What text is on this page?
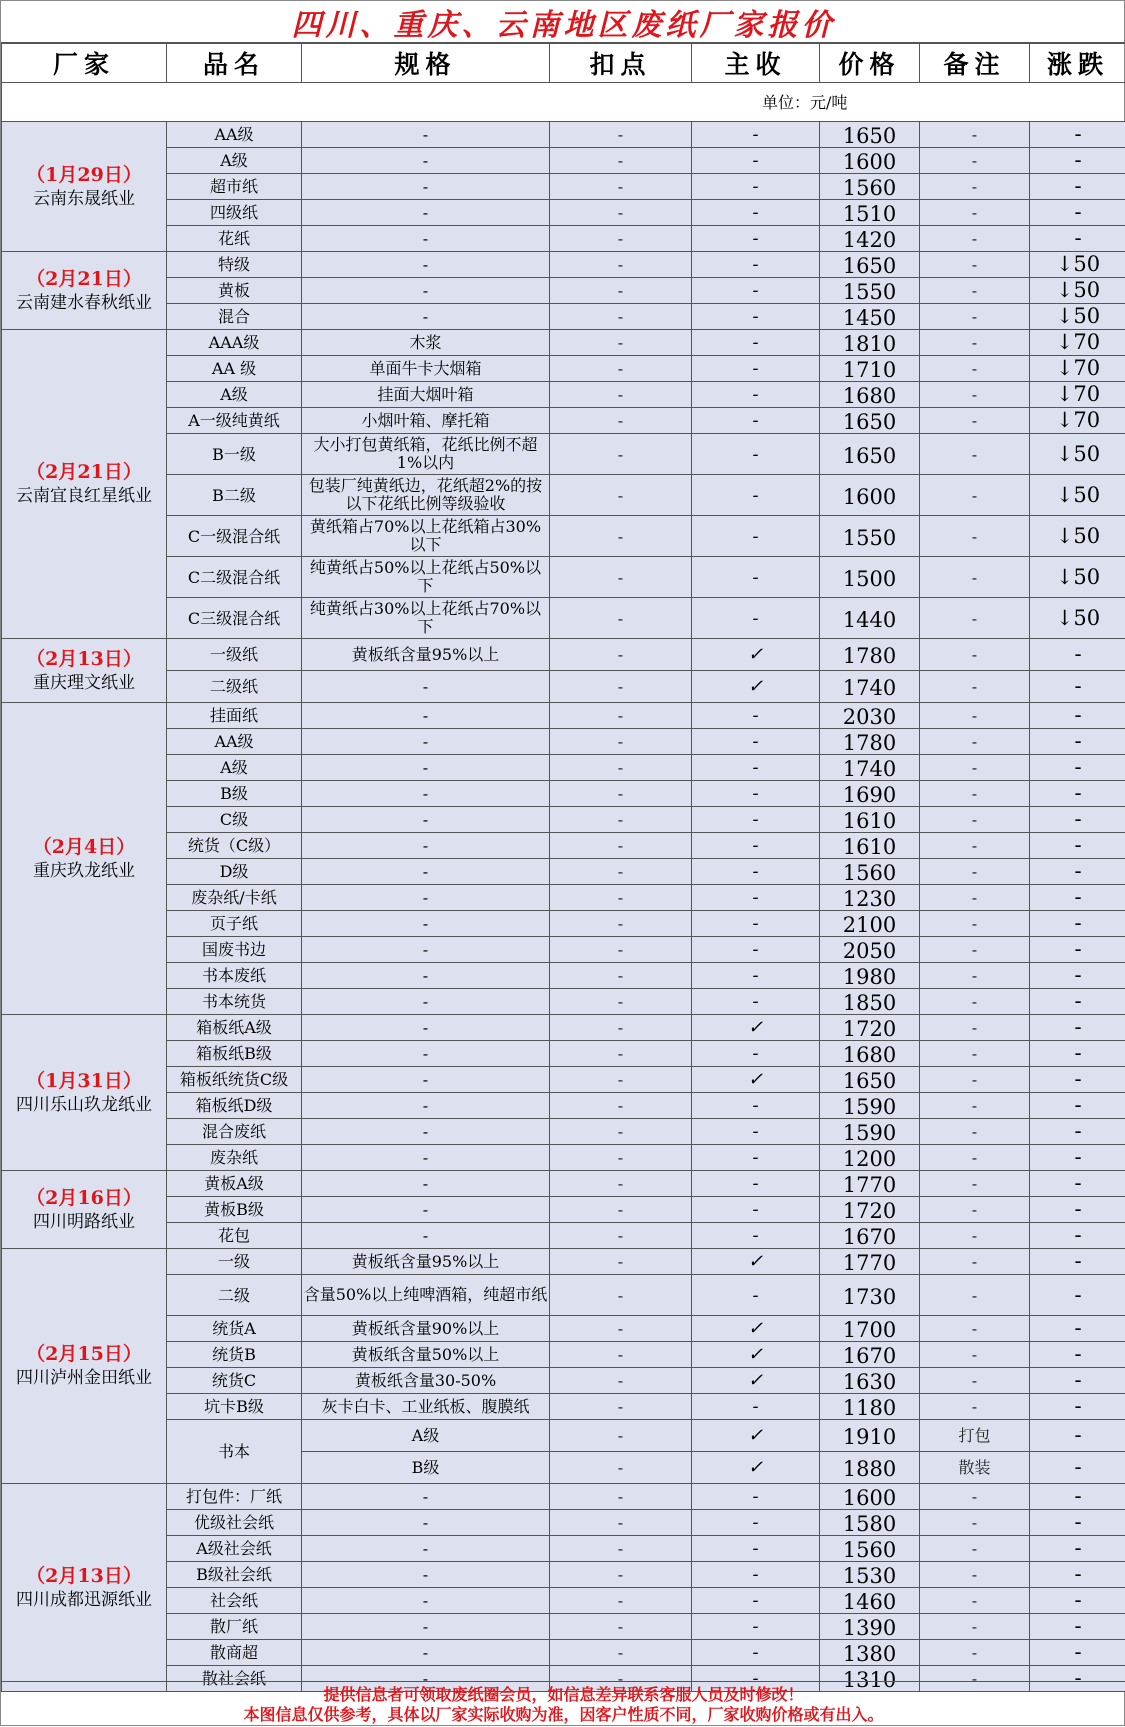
四川、重庆、云南地区废纸厂家报价
厂家	品名	规格	扣点	主收	价格	备注	涨跌
单位：元/吨							

（1月29日）
云南东晟纸业	AA级	-	-	-	1650	-	-
	A级	-	-	-	1600	-	-
	超市纸	-	-	-	1560	-	-
	四级纸	-	-	-	1510	-	-
	花纸	-	-	-	1420	-	-

（2月21日）
云南建水春秋纸业	特级	-	-	-	1650	-	↓50
	黄板	-	-	-	1550	-	↓50
	混合	-	-	-	1450	-	↓50

（2月21日）
云南宜良红星纸业	AAA级	木浆	-	-	1810	-	↓70
	AA 级	单面牛卡大烟箱	-	-	1710	-	↓70
	A级	挂面大烟叶箱	-	-	1680	-	↓70
	A一级纯黄纸	小烟叶箱、摩托箱	-	-	1650	-	↓70
	B一级	大小打包黄纸箱，花纸比例不超1%以内	-	-	1650	-	↓50
	B二级	包装厂纯黄纸边，花纸超2%的按以下花纸比例等级验收	-	-	1600	-	↓50
	C一级混合纸	黄纸箱占70%以上花纸箱占30%以下	-	-	1550	-	↓50
	C二级混合纸	纯黄纸占50%以上花纸占50%以下	-	-	1500	-	↓50
	C三级混合纸	纯黄纸占30%以上花纸占70%以下	-	-	1440	-	↓50

（2月13日）
重庆理文纸业	一级纸	黄板纸含量95%以上	-	✓	1780	-	-
	二级纸	-	-	✓	1740	-	-

（2月4日）
重庆玖龙纸业	挂面纸	-	-	-	2030	-	-
	AA级	-	-	-	1780	-	-
	A级	-	-	-	1740	-	-
	B级	-	-	-	1690	-	-
	C级	-	-	-	1610	-	-
	统货（C级）	-	-	-	1610	-	-
	D级	-	-	-	1560	-	-
	废杂纸/卡纸	-	-	-	1230	-	-
	页子纸	-	-	-	2100	-	-
	国废书边	-	-	-	2050	-	-
	书本废纸	-	-	-	1980	-	-
	书本统货	-	-	-	1850	-	-

（1月31日）
四川乐山玖龙纸业	箱板纸A级	-	-	✓	1720	-	-
	箱板纸B级	-	-	-	1680	-	-
	箱板纸统货C级	-	-	✓	1650	-	-
	箱板纸D级	-	-	-	1590	-	-
	混合废纸	-	-	-	1590	-	-
	废杂纸	-	-	-	1200	-	-

（2月16日）
四川明路纸业	黄板A级	-	-	-	1770	-	-
	黄板B级	-	-	-	1720	-	-
	花包	-	-	-	1670	-	-

（2月15日）
四川泸州金田纸业	一级	黄板纸含量95%以上	-	✓	1770	-	-
	二级	含量50%以上纯啤酒箱，纯超市纸	-	-	1730	-	-
	统货A	黄板纸含量90%以上	-	✓	1700	-	-
	统货B	黄板纸含量50%以上	-	✓	1670	-	-
	统货C	黄板纸含量30-50%	-	✓	1630	-	-
	坑卡B级	灰卡白卡、工业纸板、腹膜纸	-	-	1180	-	-
	书本	A级	-	✓	1910	打包	-
		B级	-	✓	1880	散装	-

（2月13日）
四川成都迅源纸业	打包件：厂纸	-	-	-	1600	-	-
	优级社会纸	-	-	-	1580	-	-
	A级社会纸	-	-	-	1560	-	-
	B级社会纸	-	-	-	1530	-	-
	社会纸	-	-	-	1460	-	-
	散厂纸	-	-	-	1390	-	-
	散商超	-	-	-	1380	-	-
	散社会纸	-	-	-	1310	-	-
提供信息者可领取废纸圈会员，如信息差异联系客服人员及时修改！
本图信息仅供参考，具体以厂家实际收购为准，因客户性质不同，厂家收购价格或有出入。
